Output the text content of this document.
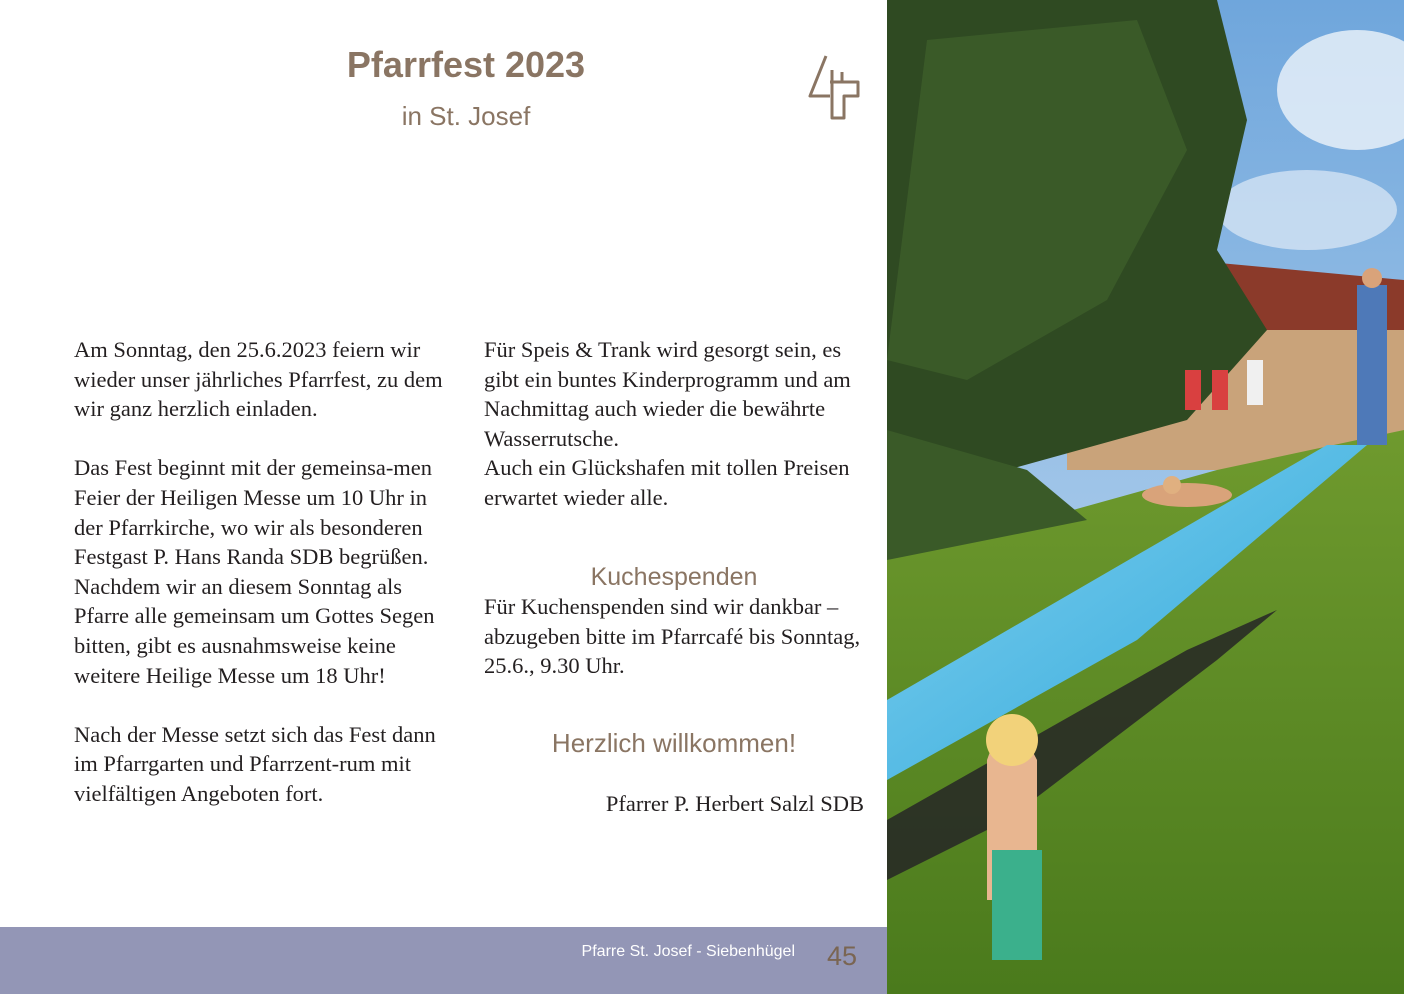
Pfarrfest 2023
in St. Josef

Am Sonntag, den 25.6.2023 feiern wir wieder unser jährliches Pfarrfest, zu dem wir ganz herzlich einladen.

Das Fest beginnt mit der gemeinsa-men Feier der Heiligen Messe um 10 Uhr in der Pfarrkirche, wo wir als besonderen Festgast P. Hans Randa SDB begrüßen.

Nachdem wir an diesem Sonntag als Pfarre alle gemeinsam um Gottes Segen bitten, gibt es ausnahmsweise keine weitere Heilige Messe um 18 Uhr!

Nach der Messe setzt sich das Fest dann im Pfarrgarten und Pfarrzent-rum mit vielfältigen Angeboten fort.

Für Speis & Trank wird gesorgt sein, es gibt ein buntes Kinderprogramm und am Nachmittag auch wieder die bewährte Wasserrutsche.

Auch ein Glückshafen mit tollen Preisen erwartet wieder alle.

Kuchespenden

Für Kuchenspenden sind wir dankbar – abzugeben bitte im Pfarrcafé bis Sonntag, 25.6., 9.30 Uhr.

Herzlich willkommen!

Pfarrer P. Herbert Salzl SDB

Pfarre St. Josef - Siebenhügel 45
